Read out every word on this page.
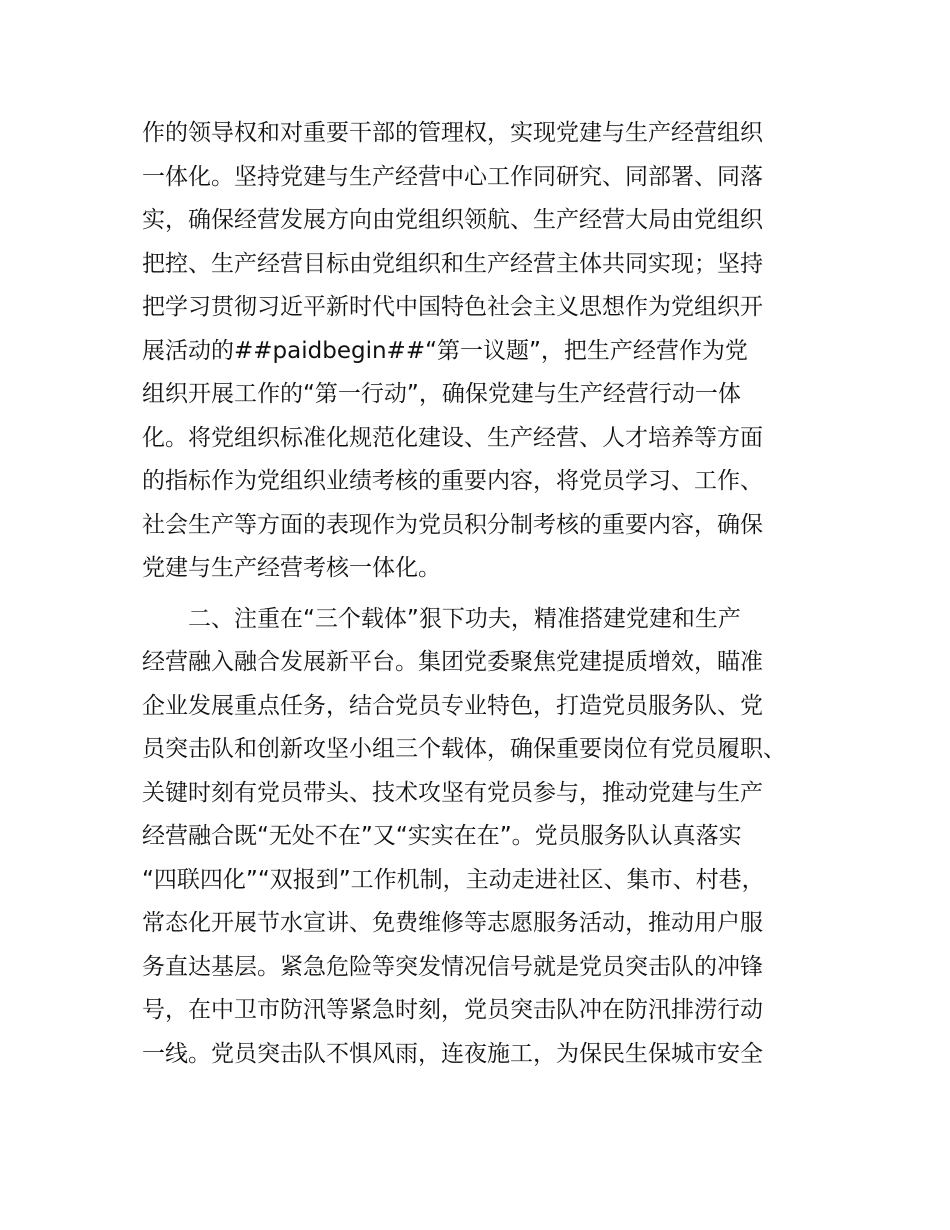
作的领导权和对重要干部的管理权，实现党建与生产经营组织
一体化。坚持党建与生产经营中心工作同研究、同部署、同落
实，确保经营发展方向由党组织领航、生产经营大局由党组织
把控、生产经营目标由党组织和生产经营主体共同实现；坚持
把学习贯彻习近平新时代中国特色社会主义思想作为党组织开
展活动的##paidbegin##“第一议题”，把生产经营作为党
组织开展工作的“第一行动”，确保党建与生产经营行动一体
化。将党组织标准化规范化建设、生产经营、人才培养等方面
的指标作为党组织业绩考核的重要内容，将党员学习、工作、
社会生产等方面的表现作为党员积分制考核的重要内容，确保
党建与生产经营考核一体化。
　　二、注重在“三个载体”狠下功夫，精准搭建党建和生产
经营融入融合发展新平台。集团党委聚焦党建提质增效，瞄准
企业发展重点任务，结合党员专业特色，打造党员服务队、党
员突击队和创新攻坚小组三个载体，确保重要岗位有党员履职、
关键时刻有党员带头、技术攻坚有党员参与，推动党建与生产
经营融合既“无处不在”又“实实在在”。党员服务队认真落实
“四联四化”“双报到”工作机制，主动走进社区、集市、村巷，
常态化开展节水宣讲、免费维修等志愿服务活动，推动用户服
务直达基层。紧急危险等突发情况信号就是党员突击队的冲锋
号，在中卫市防汛等紧急时刻，党员突击队冲在防汛排涝行动
一线。党员突击队不惧风雨，连夜施工，为保民生保城市安全
